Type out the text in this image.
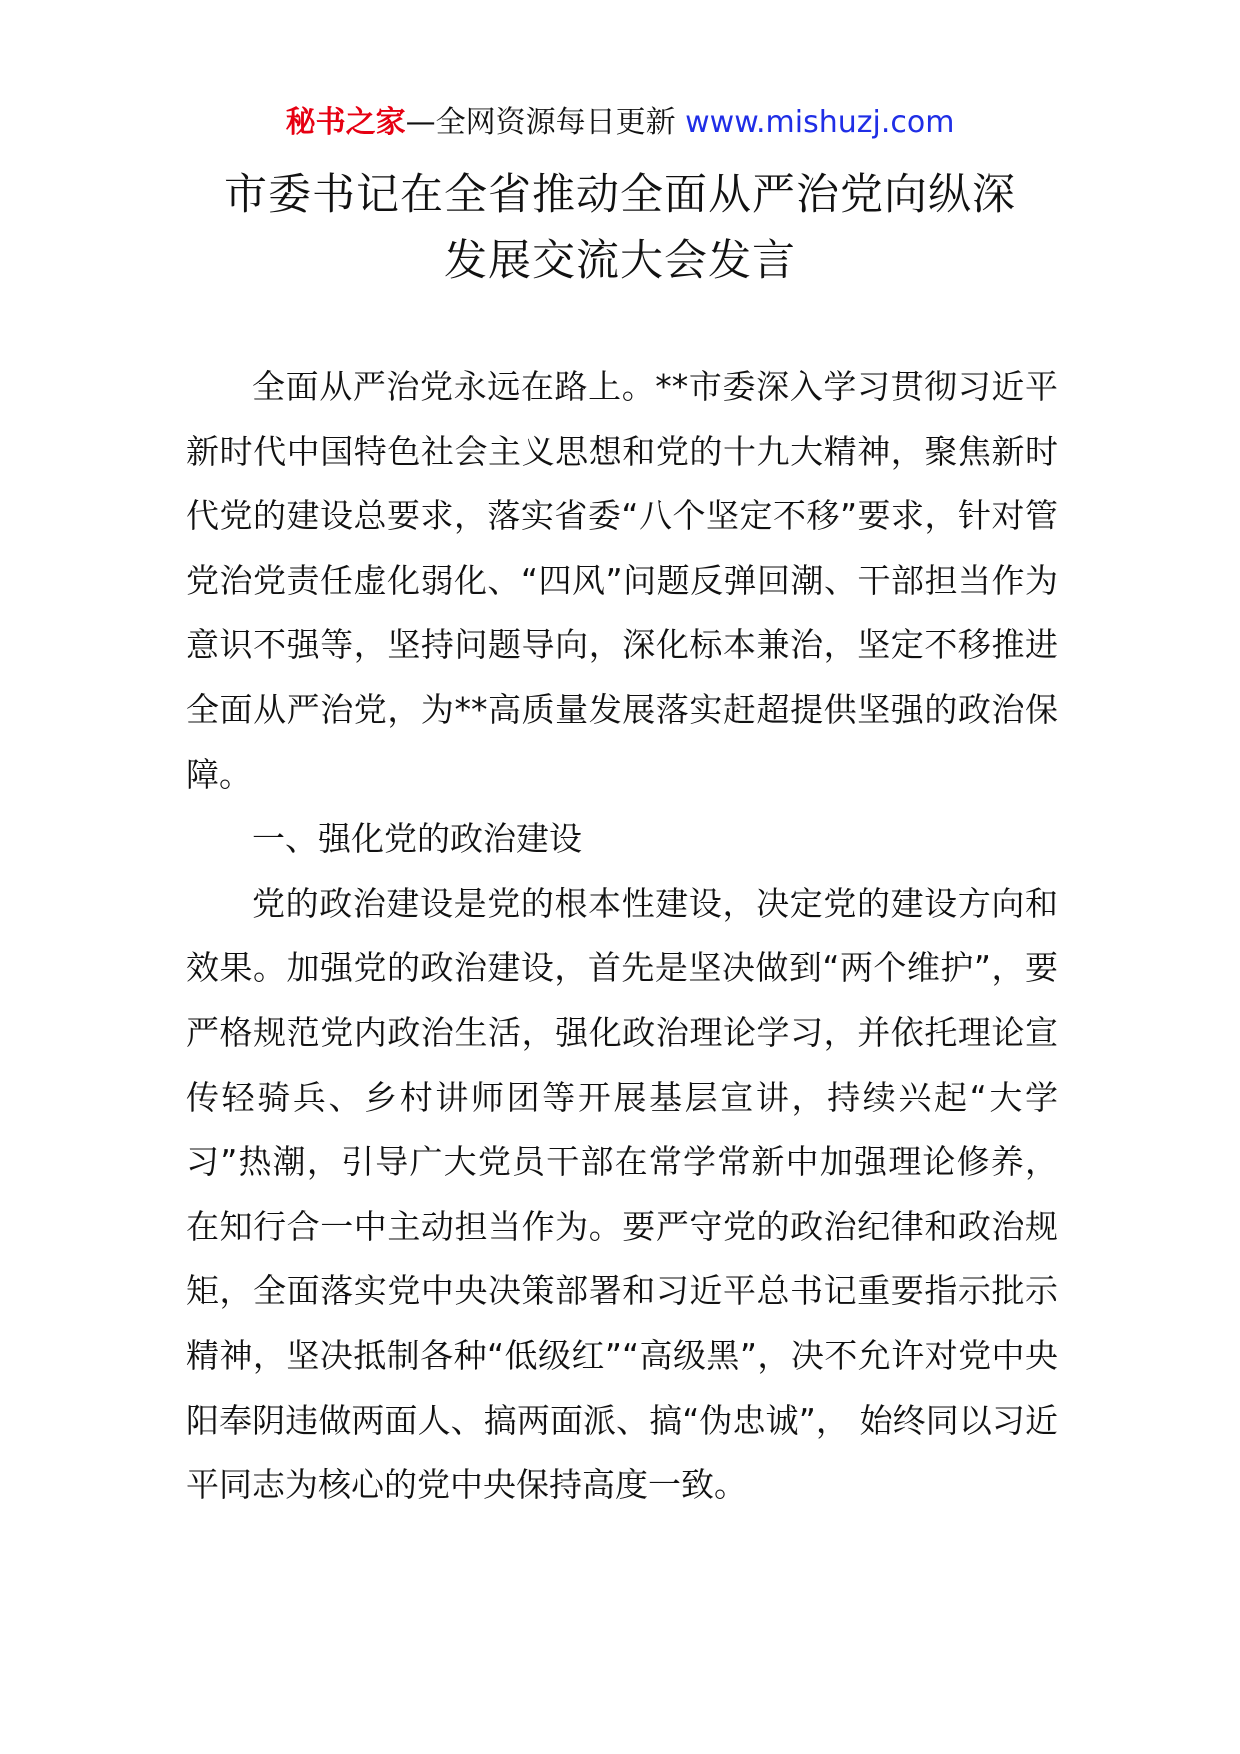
秘书之家—全网资源每日更新 www.mishuzj.com
市委书记在全省推动全面从严治党向纵深
发展交流大会发言

全面从严治党永远在路上。**市委深入学习贯彻习近平新时代中国特色社会主义思想和党的十九大精神，聚焦新时代党的建设总要求，落实省委“八个坚定不移”要求，针对管党治党责任虚化弱化、“四风”问题反弹回潮、干部担当作为意识不强等，坚持问题导向，深化标本兼治，坚定不移推进全面从严治党，为**高质量发展落实赶超提供坚强的政治保障。

一、强化党的政治建设

党的政治建设是党的根本性建设，决定党的建设方向和效果。加强党的政治建设，首先是坚决做到“两个维护”，要严格规范党内政治生活，强化政治理论学习，并依托理论宣传轻骑兵、乡村讲师团等开展基层宣讲，持续兴起“大学习”热潮，引导广大党员干部在常学常新中加强理论修养，在知行合一中主动担当作为。要严守党的政治纪律和政治规矩，全面落实党中央决策部署和习近平总书记重要指示批示精神，坚决抵制各种“低级红”“高级黑”，决不允许对党中央阳奉阴违做两面人、搞两面派、搞“伪忠诚”， 始终同以习近平同志为核心的党中央保持高度一致。
